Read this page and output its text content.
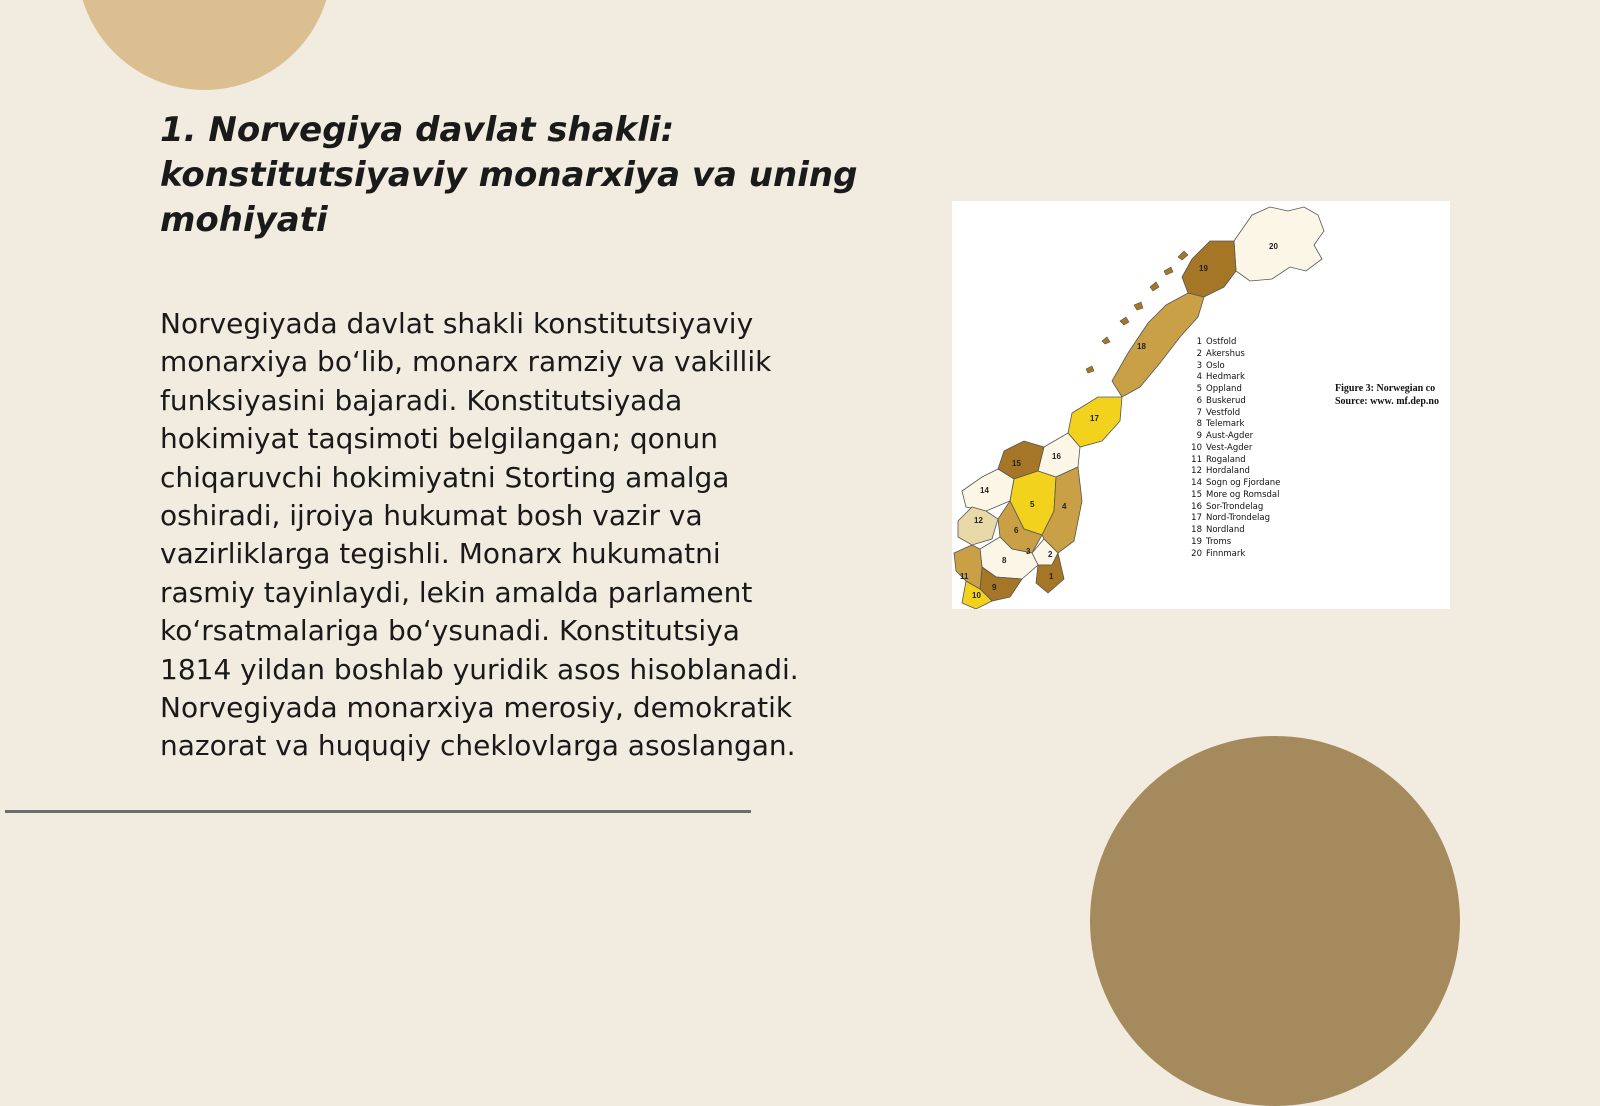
1. Norvegiya davlat shakli:
konstitutsiyaviy monarxiya va uning
mohiyati

Norvegiyada davlat shakli konstitutsiyaviy
monarxiya bo‘lib, monarx ramziy va vakillik
funksiyasini bajaradi. Konstitutsiyada
hokimiyat taqsimoti belgilangan; qonun
chiqaruvchi hokimiyatni Storting amalga
oshiradi, ijroiya hukumat bosh vazir va
vazirliklarga tegishli. Monarx hukumatni
rasmiy tayinlaydi, lekin amalda parlament
ko‘rsatmalariga bo‘ysunadi. Konstitutsiya
1814 yildan boshlab yuridik asos hisoblanadi.
Norvegiyada monarxiya merosiy, demokratik
nazorat va huquqiy cheklovlarga asoslangan.

20
19
18
17
16
15
14
12
11
10
9
8
6
5	4
3 2
1
1 Ostfold
2 Akershus
3 Oslo
4 Hedmark
5 Oppland
6 Buskerud
7 Vestfold
8 Telemark
9 Aust-Agder
10 Vest-Agder
11 Rogaland
12 Hordaland
14 Sogn og Fjordane
15 More og Romsdal
16 Sor-Trondelag
17 Nord-Trondelag
18 Nordland
19 Troms
20 Finnmark
Figure 3: Norwegian co
Source: www. mf.dep.no
